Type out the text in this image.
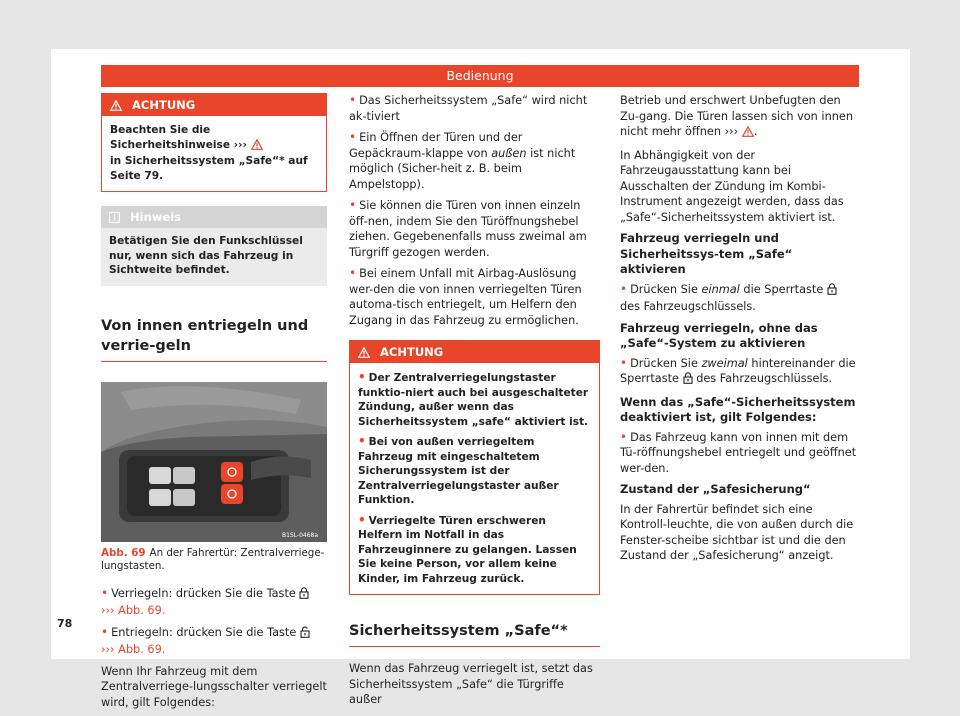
Bedienung
ACHTUNG
Beachten Sie die Sicherheitshinweise ›››
in Sicherheitssystem „Safe“* auf Seite 79.
Hinweis
Betätigen Sie den Funkschlüssel nur, wenn sich das Fahrzeug in Sichtweite befindet.
Von innen entriegeln und verrie-geln
B1SL-0468a
Abb. 69 An der Fahrertür: Zentralverriege-lungstasten.

• Verriegeln: drücken Sie die Taste
››› Abb. 69.

• Entriegeln: drücken Sie die Taste
››› Abb. 69.

Wenn Ihr Fahrzeug mit dem Zentralverriege-lungsschalter verriegelt wird, gilt Folgendes:

• Das Sicherheitssystem „Safe“ wird nicht ak-tiviert

• Ein Öffnen der Türen und der Gepäckraum-klappe von außen ist nicht möglich (Sicher-heit z. B. beim Ampelstopp).

• Sie können die Türen von innen einzeln öff-nen, indem Sie den Türöffnungshebel ziehen. Gegebenenfalls muss zweimal am Türgriff gezogen werden.

• Bei einem Unfall mit Airbag-Auslösung wer-den die von innen verriegelten Türen automa-tisch entriegelt, um Helfern den Zugang in das Fahrzeug zu ermöglichen.

ACHTUNG

• Der Zentralverriegelungstaster funktio-niert auch bei ausgeschalteter Zündung, außer wenn das Sicherheitssystem „safe“ aktiviert ist.

• Bei von außen verriegeltem Fahrzeug mit eingeschaltetem Sicherungssystem ist der Zentralverriegelungstaster außer Funktion.

• Verriegelte Türen erschweren Helfern im Notfall in das Fahrzeuginnere zu gelangen. Lassen Sie keine Person, vor allem keine Kinder, im Fahrzeug zurück.

Sicherheitssystem „Safe“*

Wenn das Fahrzeug verriegelt ist, setzt das Sicherheitssystem „Safe“ die Türgriffe außer

Betrieb und erschwert Unbefugten den Zu-gang. Die Türen lassen sich von innen nicht mehr öffnen ››› .

In Abhängigkeit von der Fahrzeugausstattung kann bei Ausschalten der Zündung im Kombi-Instrument angezeigt werden, dass das „Safe“-Sicherheitssystem aktiviert ist.

Fahrzeug verriegeln und Sicherheitssys-tem „Safe“ aktivieren

• Drücken Sie einmal die Sperrtaste  des Fahrzeugschlüssels.

Fahrzeug verriegeln, ohne das „Safe“-System zu aktivieren

• Drücken Sie zweimal hintereinander die Sperrtaste des Fahrzeugschlüssels.

Wenn das „Safe“-Sicherheitssystem deaktiviert ist, gilt Folgendes:

• Das Fahrzeug kann von innen mit dem Tü-röffnungshebel entriegelt und geöffnet wer-den.

Zustand der „Safesicherung“

In der Fahrertür befindet sich eine Kontroll-leuchte, die von außen durch die Fenster-scheibe sichtbar ist und die den Zustand der „Safesicherung“ anzeigt.

78
